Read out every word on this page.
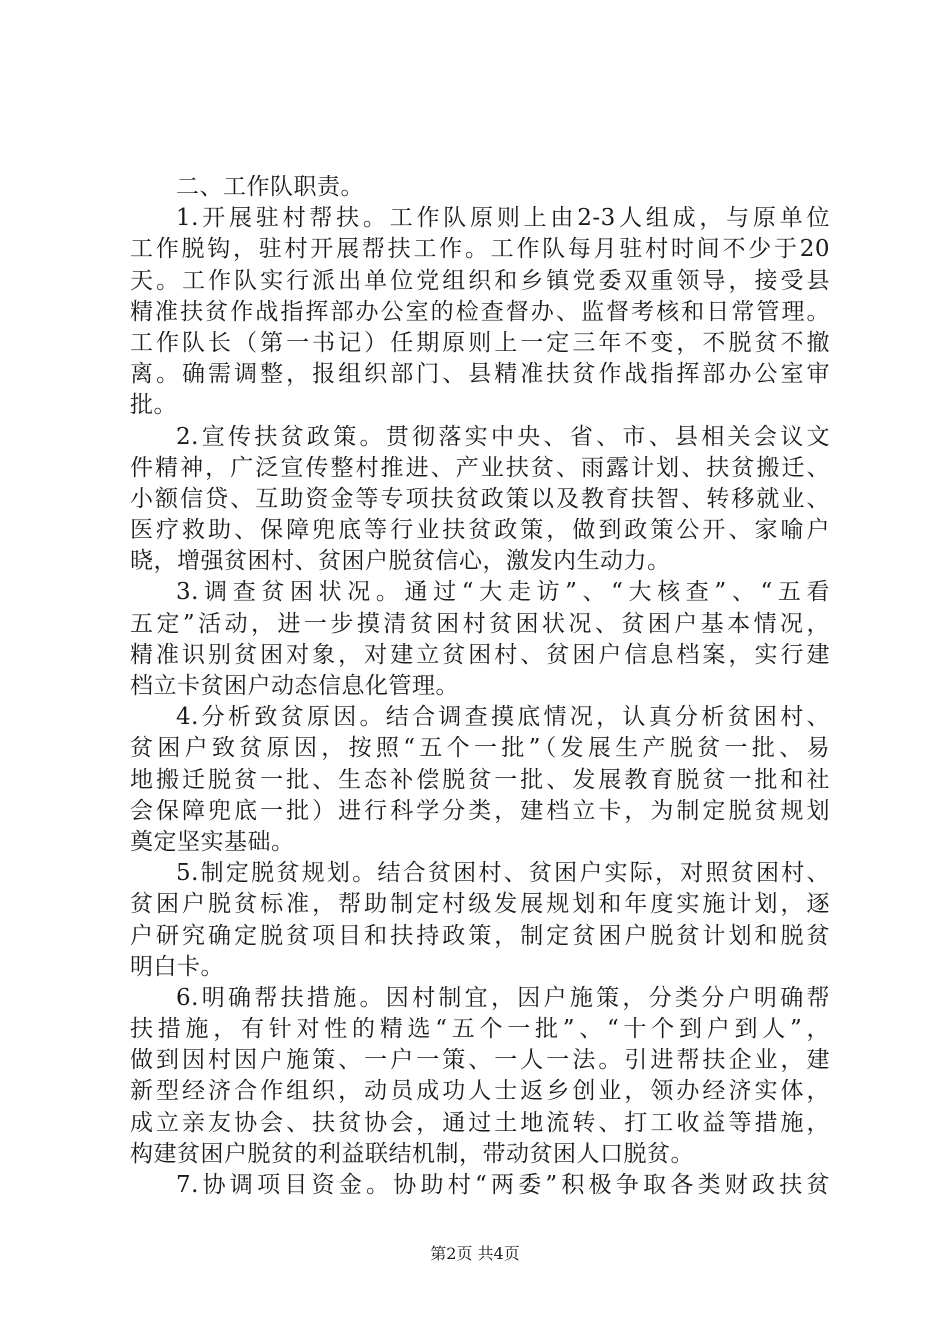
二、工作队职责。
1.开展驻村帮扶。工作队原则上由2-3人组成，与原单位
工作脱钩，驻村开展帮扶工作。工作队每月驻村时间不少于20
天。工作队实行派出单位党组织和乡镇党委双重领导，接受县
精准扶贫作战指挥部办公室的检查督办、监督考核和日常管理。
工作队长（第一书记）任期原则上一定三年不变，不脱贫不撤
离。确需调整，报组织部门、县精准扶贫作战指挥部办公室审
批。
2.宣传扶贫政策。贯彻落实中央、省、市、县相关会议文
件精神，广泛宣传整村推进、产业扶贫、雨露计划、扶贫搬迁、
小额信贷、互助资金等专项扶贫政策以及教育扶智、转移就业、
医疗救助、保障兜底等行业扶贫政策，做到政策公开、家喻户
晓，增强贫困村、贫困户脱贫信心，激发内生动力。
3.调查贫困状况。通过“大走访”、“大核查”、“五看
五定”活动，进一步摸清贫困村贫困状况、贫困户基本情况，
精准识别贫困对象，对建立贫困村、贫困户信息档案，实行建
档立卡贫困户动态信息化管理。
4.分析致贫原因。结合调查摸底情况，认真分析贫困村、
贫困户致贫原因，按照“五个一批”（发展生产脱贫一批、易
地搬迁脱贫一批、生态补偿脱贫一批、发展教育脱贫一批和社
会保障兜底一批）进行科学分类，建档立卡，为制定脱贫规划
奠定坚实基础。
5.制定脱贫规划。结合贫困村、贫困户实际，对照贫困村、
贫困户脱贫标准，帮助制定村级发展规划和年度实施计划，逐
户研究确定脱贫项目和扶持政策，制定贫困户脱贫计划和脱贫
明白卡。
6.明确帮扶措施。因村制宜，因户施策，分类分户明确帮
扶措施，有针对性的精选“五个一批”、“十个到户到人”，
做到因村因户施策、一户一策、一人一法。引进帮扶企业，建
新型经济合作组织，动员成功人士返乡创业，领办经济实体，
成立亲友协会、扶贫协会，通过土地流转、打工收益等措施，
构建贫困户脱贫的利益联结机制，带动贫困人口脱贫。
7.协调项目资金。协助村“两委”积极争取各类财政扶贫
第2页 共4页
